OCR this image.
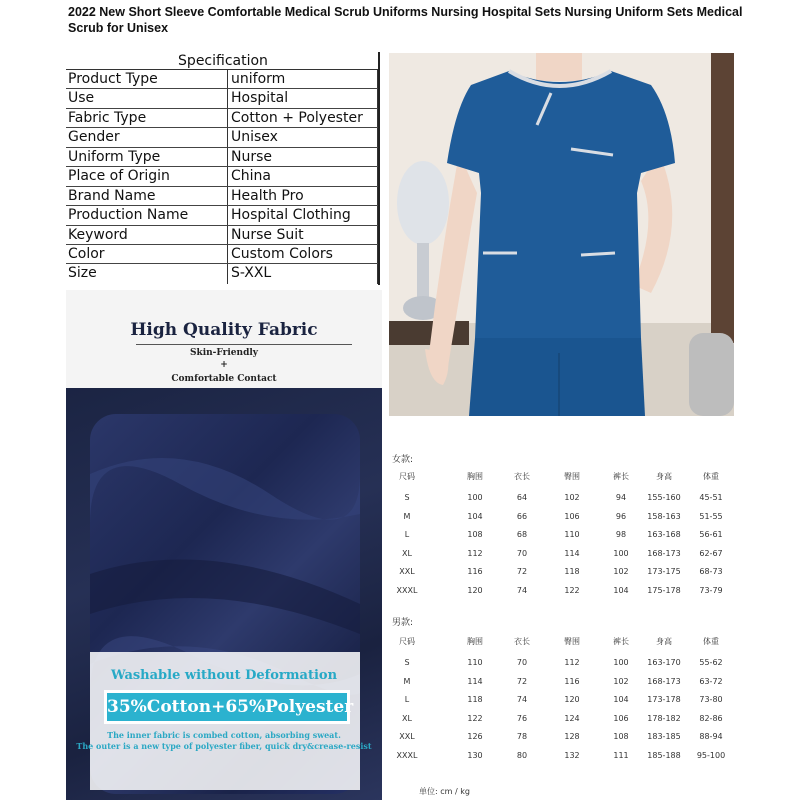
2022 New Short Sleeve Comfortable Medical Scrub Uniforms Nursing Hospital Sets Nursing Uniform Sets Medical Scrub for Unisex
Specification
Product Type	uniform
Use	Hospital
Fabric Type	Cotton + Polyester
Gender	Unisex
Uniform Type	Nurse
Place of Origin	China
Brand Name	Health Pro
Production Name	Hospital Clothing
Keyword	Nurse Suit
Color	Custom Colors
Size	S-XXL
High Quality Fabric
Skin-Friendly
+
Comfortable Contact
Washable without Deformation
35%Cotton+65%Polyester
The inner fabric is combed cotton, absorbing sweat.
The outer is a new type of polyester fiber, quick dry&crease-resist
女款:
尺码	胸围	衣长	臀围	裤长	身高	体重
S	100	64	102	94	155-160 45-51
M	104	66	106	96	158-163 51-55
L	108	68	110	98	163-168 56-61
XL	112	70	114	100 168-173 62-67
XXL	116	72	118	102 173-175 68-73
XXXL	120	74	122	104 175-178 73-79
男款:
尺码	胸围	衣长	臀围	裤长	身高	体重
S	110	70	112	100 163-170 55-62
M	114	72	116	102 168-173 63-72
L	118	74	120	104 173-178 73-80
XL	122	76	124	106 178-182 82-86
XXL	126	78	128	108 183-185 88-94
XXXL	130	80	132	111 185-188 95-100
单位: cm / kg
